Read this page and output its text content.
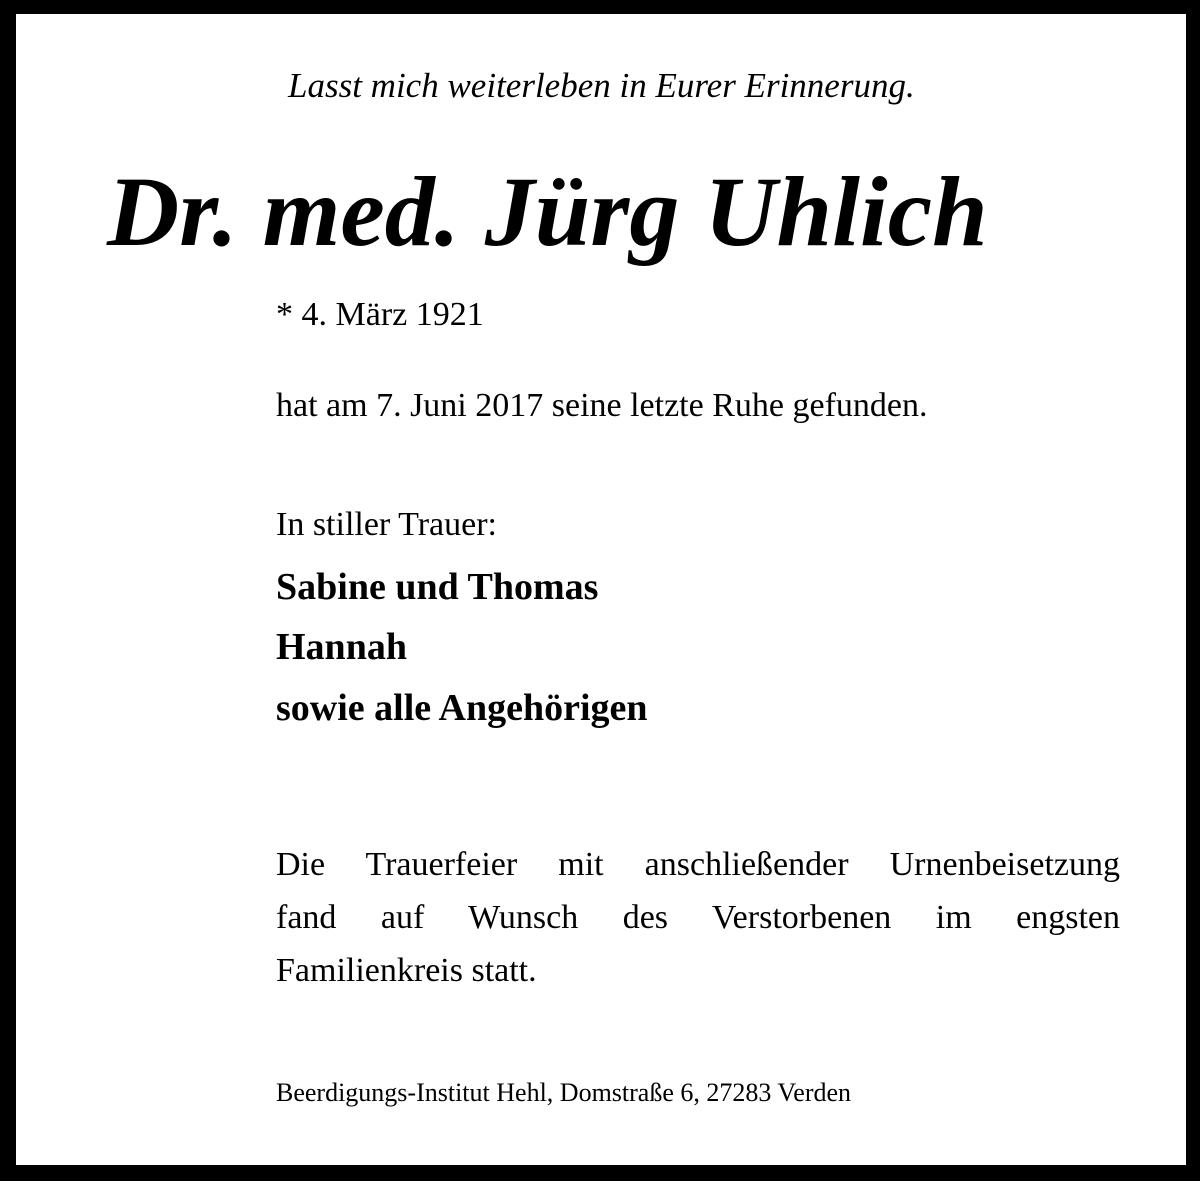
Lasst mich weiterleben in Eurer Erinnerung.

Dr. med. Jürg Uhlich

* 4. März 1921

hat am 7. Juni 2017 seine letzte Ruhe gefunden.

In stiller Trauer:

Sabine und Thomas

Hannah

sowie alle Angehörigen

Die Trauerfeier mit anschließender Urnenbeisetzung
fand auf Wunsch des Verstorbenen im engsten
Familienkreis statt.

Beerdigungs-Institut Hehl, Domstraße 6, 27283 Verden
